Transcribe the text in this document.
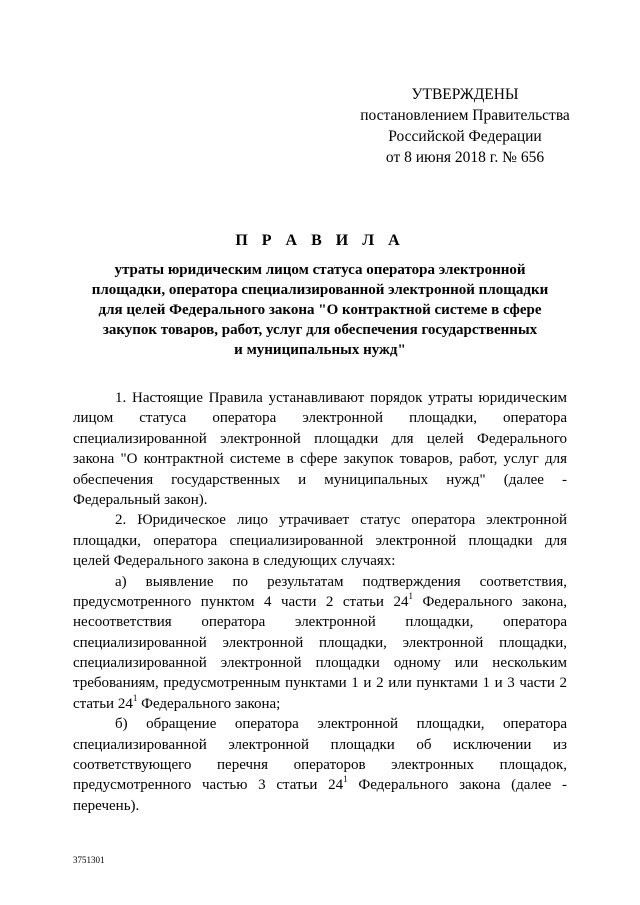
УТВЕРЖДЕНЫ
постановлением Правительства
Российской Федерации
от 8 июня 2018 г. № 656
П Р А В И Л А
утраты юридическим лицом статуса оператора электронной
площадки, оператора специализированной электронной площадки
для целей Федерального закона "О контрактной системе в сфере
закупок товаров, работ, услуг для обеспечения государственных
и муниципальных нужд"
1. Настоящие Правила устанавливают порядок утраты юридическим
лицом статуса оператора электронной площадки, оператора
специализированной электронной площадки для целей Федерального
закона "О контрактной системе в сфере закупок товаров, работ, услуг для
обеспечения государственных и муниципальных нужд" (далее -
Федеральный закон).
2. Юридическое лицо утрачивает статус оператора электронной
площадки, оператора специализированной электронной площадки для
целей Федерального закона в следующих случаях:
а) выявление по результатам подтверждения соответствия,
предусмотренного пунктом 4 части 2 статьи $24^1$ Федерального закона,
несоответствия оператора электронной площадки, оператора
специализированной электронной площадки, электронной площадки,
специализированной электронной площадки одному или нескольким
требованиям, предусмотренным пунктами 1 и 2 или пунктами 1 и 3 части 2
статьи $24^1$ Федерального закона;
б) обращение оператора электронной площадки, оператора
специализированной электронной площадки об исключении из
соответствующего перечня операторов электронных площадок,
предусмотренного частью 3 статьи $24^1$ Федерального закона (далее -
перечень).
3751301
